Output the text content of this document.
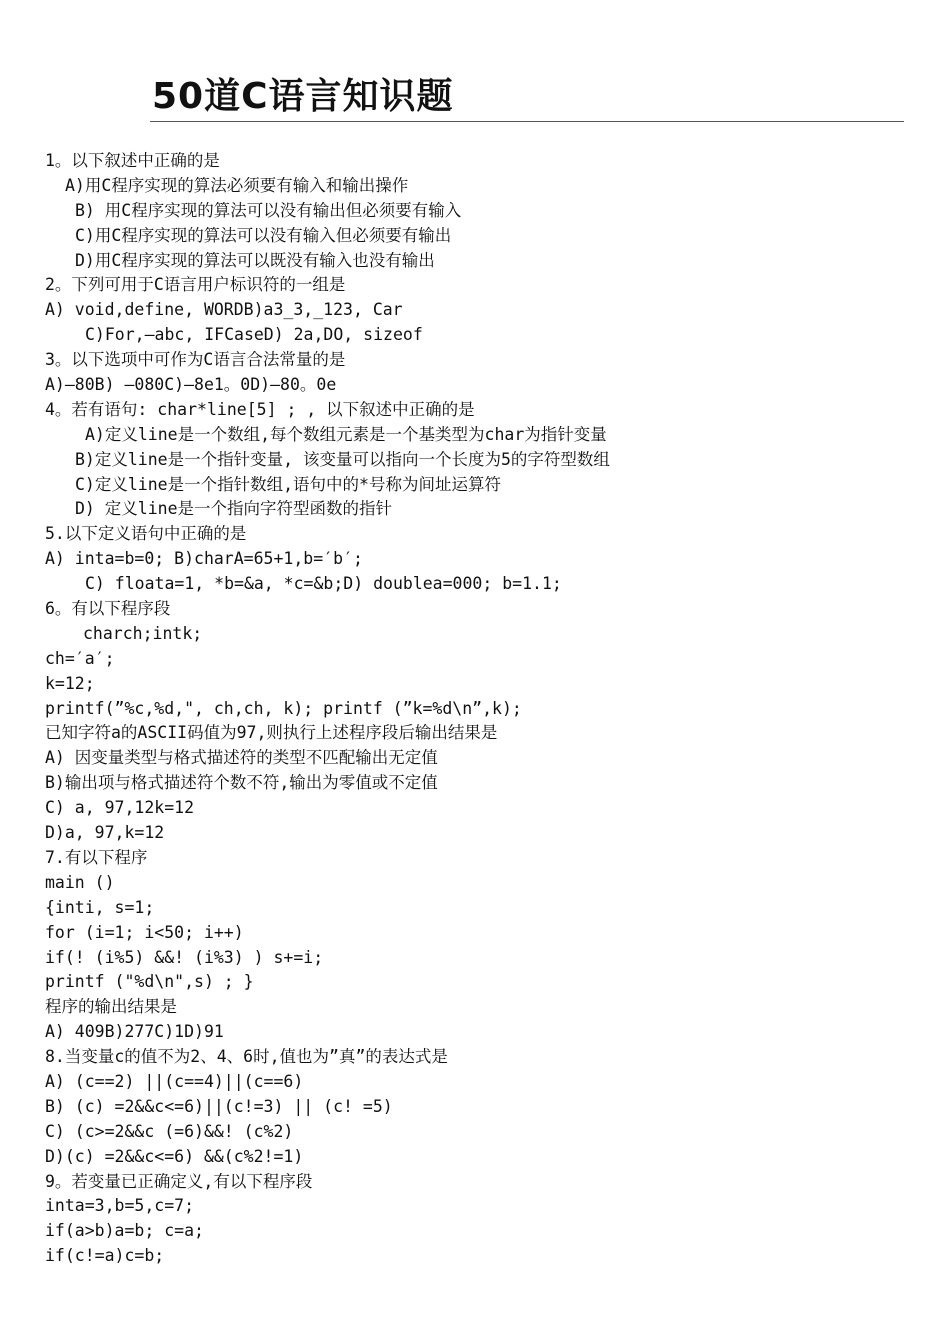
50道C语言知识题
1。以下叙述中正确的是
A)用C程序实现的算法必须要有输入和输出操作
B) 用C程序实现的算法可以没有输出但必须要有输入
C)用C程序实现的算法可以没有输入但必须要有输出
D)用C程序实现的算法可以既没有输入也没有输出
2。下列可用于C语言用户标识符的一组是
A) void,define, WORDB)a3_3,_123, Car
C)For,—abc, IFCaseD) 2a,DO, sizeof
3。以下选项中可作为C语言合法常量的是
A)—80B) —080C)—8e1。0D)—80。0e
4。若有语句: char*line[5] ; , 以下叙述中正确的是
A)定义line是一个数组,每个数组元素是一个基类型为char为指针变量
B)定义line是一个指针变量, 该变量可以指向一个长度为5的字符型数组
C)定义line是一个指针数组,语句中的*号称为间址运算符
D) 定义line是一个指向字符型函数的指针
5.以下定义语句中正确的是
A) inta=b=0; B)charA=65+1,b=′b′;
C) floata=1, *b=&a, *c=&b;D) doublea=000; b=1.1;
6。有以下程序段
charch;intk;
ch=′a′;
k=12;
printf(”%c,%d,", ch,ch, k); printf (”k=%d\n”,k);
已知字符a的ASCII码值为97,则执行上述程序段后输出结果是
A) 因变量类型与格式描述符的类型不匹配输出无定值
B)输出项与格式描述符个数不符,输出为零值或不定值
C) a, 97,12k=12
D)a, 97,k=12
7.有以下程序
main ()
{inti, s=1;
for (i=1; i<50; i++)
if(! (i%5) &&! (i%3) ) s+=i;
printf ("%d\n",s) ; }
程序的输出结果是
A) 409B)277C)1D)91
8.当变量c的值不为2、4、6时,值也为”真”的表达式是
A) (c==2) ||(c==4)||(c==6)
B) (c) =2&&c<=6)||(c!=3) || (c! =5)
C) (c>=2&&c (=6)&&! (c%2)
D)(c) =2&&c<=6) &&(c%2!=1)
9。若变量已正确定义,有以下程序段
inta=3,b=5,c=7;
if(a>b)a=b; c=a;
if(c!=a)c=b;
